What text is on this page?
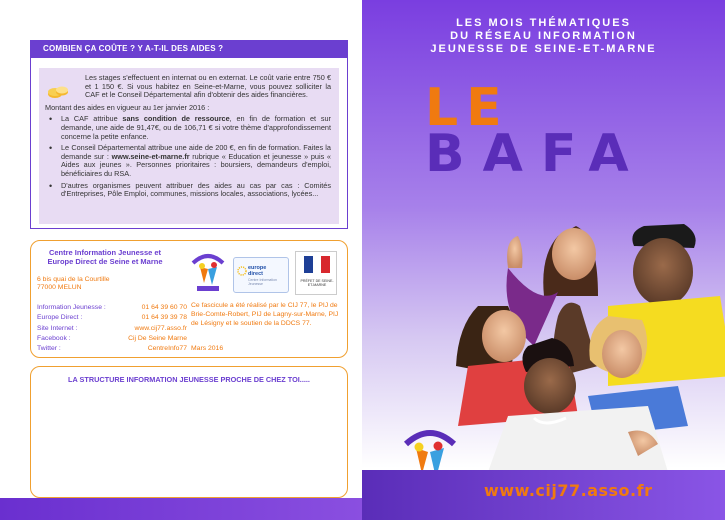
COMBIEN ÇA COÛTE ? Y A-T-IL DES AIDES ?

Les stages s'effectuent en internat ou en externat. Le coût varie entre 750 € et 1 150 €. Si vous habitez en Seine-et-Marne, vous pouvez solliciter la CAF et le Conseil Départemental afin d'obtenir des aides financières.

Montant des aides en vigueur au 1er janvier 2016 :

• La CAF attribue sans condition de ressource, en fin de formation et sur demande, une aide de 91,47€, ou de 106,71 € si votre thème d'approfondissement concerne la petite enfance.
• Le Conseil Départemental attribue une aide de 200 €, en fin de formation. Faites la demande sur : www.seine-et-marne.fr rubrique « Education et jeunesse » puis « Aides aux jeunes ». Personnes prioritaires : boursiers, demandeurs d'emploi, bénéficiaires du RSA.
• D'autres organismes peuvent attribuer des aides au cas par cas : Comités d'Entreprises, Pôle Emploi, communes, missions locales, associations, lycées...
Centre Information Jeunesse et Europe Direct de Seine et Marne
6 bis quai de la Courtille
77000 MELUN
Information Jeunesse :	01 64 39 60 70
Europe Direct :	01 64 39 39 78
Site Internet :	www.cij77.asso.fr
Facebook :	Cij De Seine Marne
Twitter :	CentreInfo77
europe
direct
Centre Information Jeunesse
PRÉFET DE SEINE-ET-MARNE
Ce fascicule a été réalisé par le CIJ 77, le PIJ de Brie-Comte-Robert, PIJ de Lagny-sur-Marne, PIJ de Lésigny et le soutien de la DDCS 77.
Mars 2016
LA STRUCTURE INFORMATION JEUNESSE PROCHE DE CHEZ TOI.....
LES MOIS THÉMATIQUES
DU RÉSEAU INFORMATION
JEUNESSE DE SEINE-ET-MARNE
LE
BAFA
www.cij77.asso.fr
